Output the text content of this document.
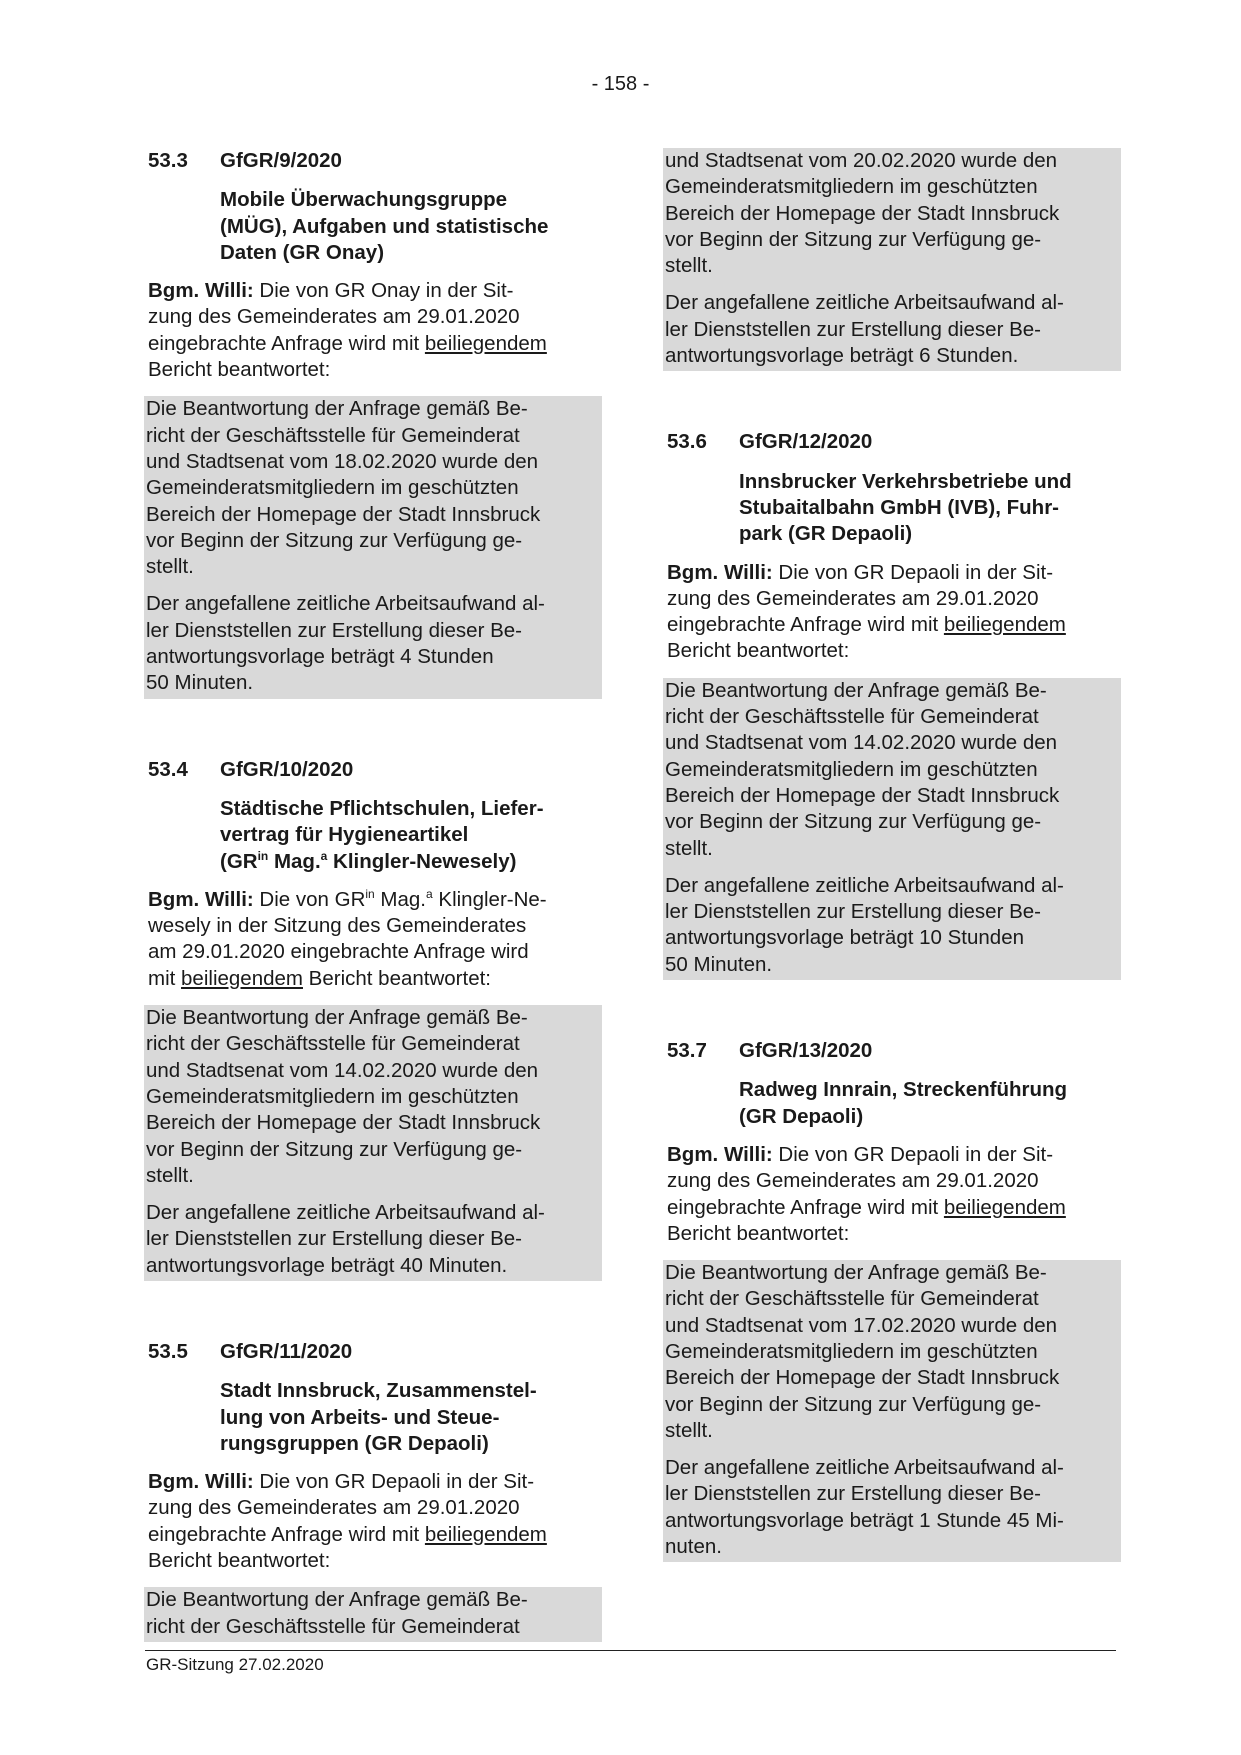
- 158 -
53.3 GfGR/9/2020
Mobile Überwachungsgruppe
(MÜG), Aufgaben und statistische
Daten (GR Onay)
Bgm. Willi: Die von GR Onay in der Sit-
zung des Gemeinderates am 29.01.2020
eingebrachte Anfrage wird mit beiliegendem
Bericht beantwortet:

Die Beantwortung der Anfrage gemäß Be-
richt der Geschäftsstelle für Gemeinderat
und Stadtsenat vom 18.02.2020 wurde den
Gemeinderatsmitgliedern im geschützten
Bereich der Homepage der Stadt Innsbruck
vor Beginn der Sitzung zur Verfügung ge-
stellt.

Der angefallene zeitliche Arbeitsaufwand al-
ler Dienststellen zur Erstellung dieser Be-
antwortungsvorlage beträgt 4 Stunden
50 Minuten.

53.4 GfGR/10/2020
Städtische Pflichtschulen, Liefer-
vertrag für Hygieneartikel
($GR^{in}$ Mag.$^a$ Klingler-Newesely)
Bgm. Willi: Die von $GR^{in}$ Mag.$^a$ Klingler-Ne-
wesely in der Sitzung des Gemeinderates
am 29.01.2020 eingebrachte Anfrage wird
mit beiliegendem Bericht beantwortet:

Die Beantwortung der Anfrage gemäß Be-
richt der Geschäftsstelle für Gemeinderat
und Stadtsenat vom 14.02.2020 wurde den
Gemeinderatsmitgliedern im geschützten
Bereich der Homepage der Stadt Innsbruck
vor Beginn der Sitzung zur Verfügung ge-
stellt.

Der angefallene zeitliche Arbeitsaufwand al-
ler Dienststellen zur Erstellung dieser Be-
antwortungsvorlage beträgt 40 Minuten.

53.5 GfGR/11/2020
Stadt Innsbruck, Zusammenstel-
lung von Arbeits- und Steue-
rungsgruppen (GR Depaoli)
Bgm. Willi: Die von GR Depaoli in der Sit-
zung des Gemeinderates am 29.01.2020
eingebrachte Anfrage wird mit beiliegendem
Bericht beantwortet:

Die Beantwortung der Anfrage gemäß Be-
richt der Geschäftsstelle für Gemeinderat

und Stadtsenat vom 20.02.2020 wurde den
Gemeinderatsmitgliedern im geschützten
Bereich der Homepage der Stadt Innsbruck
vor Beginn der Sitzung zur Verfügung ge-
stellt.

Der angefallene zeitliche Arbeitsaufwand al-
ler Dienststellen zur Erstellung dieser Be-
antwortungsvorlage beträgt 6 Stunden.

53.6 GfGR/12/2020
Innsbrucker Verkehrsbetriebe und
Stubaitalbahn GmbH (IVB), Fuhr-
park (GR Depaoli)
Bgm. Willi: Die von GR Depaoli in der Sit-
zung des Gemeinderates am 29.01.2020
eingebrachte Anfrage wird mit beiliegendem
Bericht beantwortet:

Die Beantwortung der Anfrage gemäß Be-
richt der Geschäftsstelle für Gemeinderat
und Stadtsenat vom 14.02.2020 wurde den
Gemeinderatsmitgliedern im geschützten
Bereich der Homepage der Stadt Innsbruck
vor Beginn der Sitzung zur Verfügung ge-
stellt.

Der angefallene zeitliche Arbeitsaufwand al-
ler Dienststellen zur Erstellung dieser Be-
antwortungsvorlage beträgt 10 Stunden
50 Minuten.

53.7 GfGR/13/2020
Radweg Innrain, Streckenführung
(GR Depaoli)
Bgm. Willi: Die von GR Depaoli in der Sit-
zung des Gemeinderates am 29.01.2020
eingebrachte Anfrage wird mit beiliegendem
Bericht beantwortet:

Die Beantwortung der Anfrage gemäß Be-
richt der Geschäftsstelle für Gemeinderat
und Stadtsenat vom 17.02.2020 wurde den
Gemeinderatsmitgliedern im geschützten
Bereich der Homepage der Stadt Innsbruck
vor Beginn der Sitzung zur Verfügung ge-
stellt.

Der angefallene zeitliche Arbeitsaufwand al-
ler Dienststellen zur Erstellung dieser Be-
antwortungsvorlage beträgt 1 Stunde 45 Mi-
nuten.

GR-Sitzung 27.02.2020
